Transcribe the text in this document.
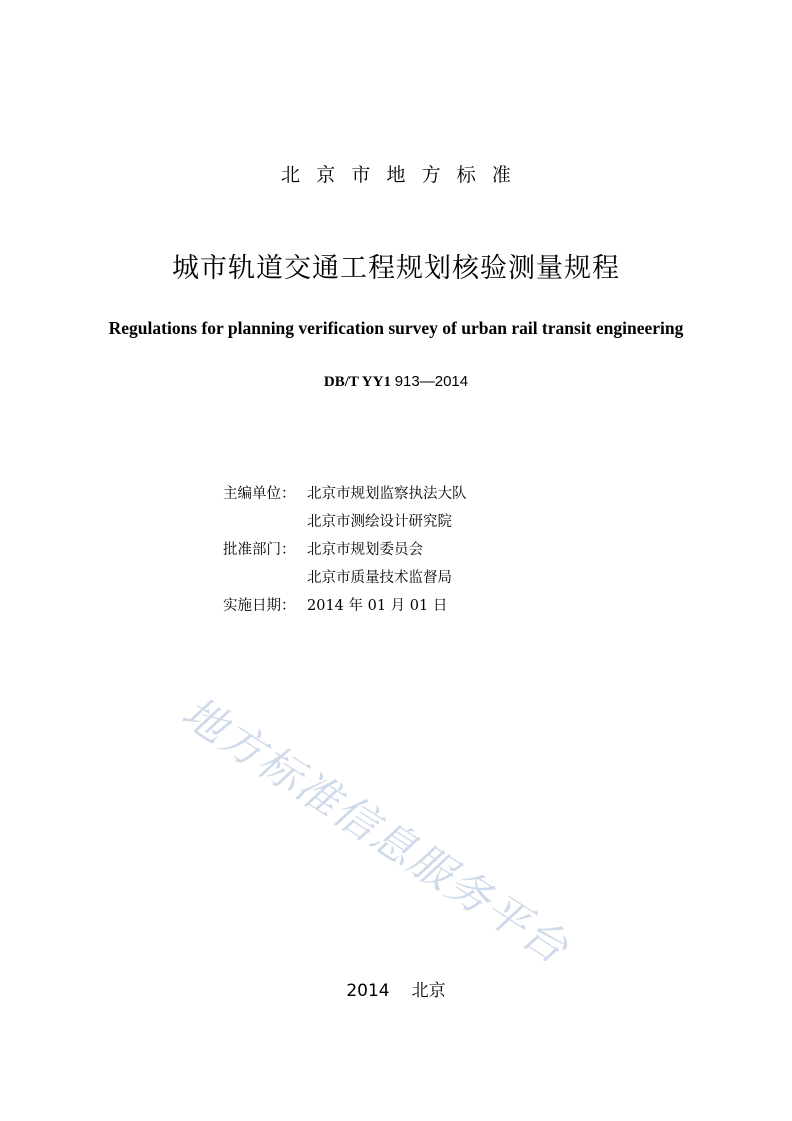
北京市地方标准
城市轨道交通工程规划核验测量规程
Regulations for planning verification survey of urban rail transit engineering
DB/T YY1 913—2014
主编单位： 北京市规划监察执法大队
北京市测绘设计研究院
批准部门： 北京市规划委员会
北京市质量技术监督局
实施日期： 2014 年 01 月 01 日
地方标准信息服务平台
2014 北京
